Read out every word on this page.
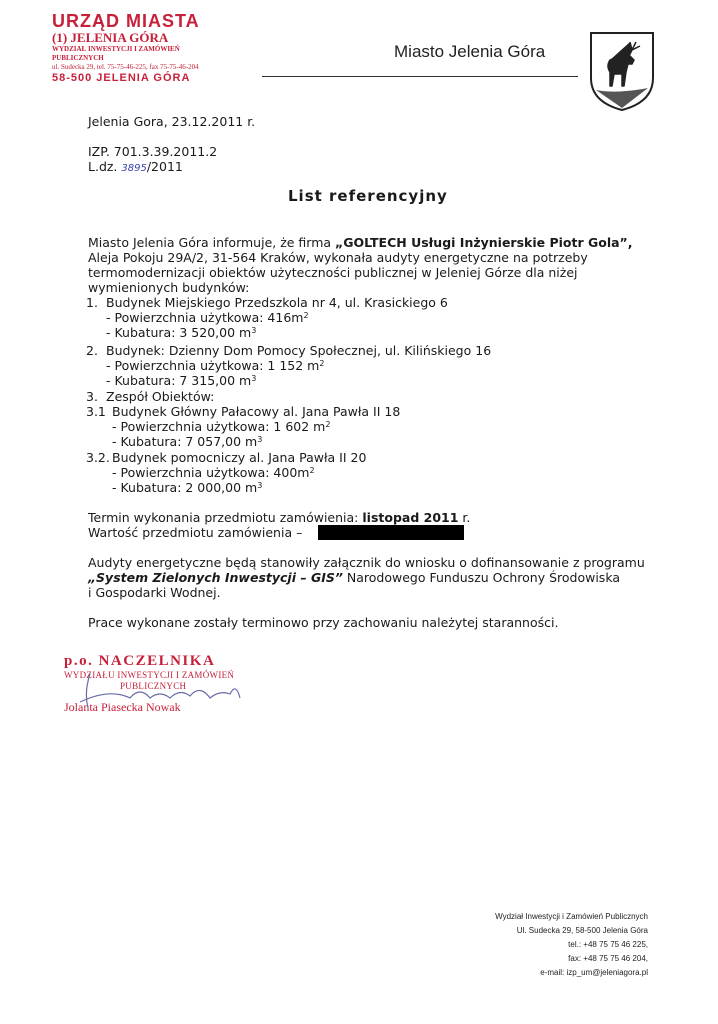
URZĄD MIASTA
(1) JELENIA GÓRA
WYDZIAŁ INWESTYCJI I ZAMÓWIEŃ PUBLICZNYCH
ul. Sudecka 29, tel. 75-75-46-225, fax 75-75-46-204
58-500 JELENIA GÓRA
Miasto Jelenia Góra
Jelenia Gora, 23.12.2011 r.
IZP. 701.3.39.2011.2
L.dz. 3895/2011
List referencyjny
Miasto Jelenia Góra informuje, że firma „GOLTECH Usługi Inżynierskie Piotr Gola”,
Aleja Pokoju 29A/2, 31-564 Kraków, wykonała audyty energetyczne na potrzeby
termomodernizacji obiektów użyteczności publicznej w Jeleniej Górze dla niżej
wymienionych budynków:
1. Budynek Miejskiego Przedszkola nr 4, ul. Krasickiego 6
- Powierzchnia użytkowa: $416m^2$
- Kubatura: 3 520,00 $m^3$
2. Budynek: Dzienny Dom Pomocy Społecznej, ul. Kilińskiego 16
- Powierzchnia użytkowa: 1 152 $m^2$
- Kubatura: 7 315,00 $m^3$
3. Zespół Obiektów:
3.1 Budynek Główny Pałacowy al. Jana Pawła II 18
- Powierzchnia użytkowa: 1 602 $m^2$
- Kubatura: 7 057,00 $m^3$
3.2. Budynek pomocniczy al. Jana Pawła II 20
- Powierzchnia użytkowa: $400m^2$
- Kubatura: 2 000,00 $m^3$
Termin wykonania przedmiotu zamówienia: listopad 2011 r.
Wartość przedmiotu zamówienia –
Audyty energetyczne będą stanowiły załącznik do wniosku o dofinansowanie z programu
„System Zielonych Inwestycji – GIS” Narodowego Funduszu Ochrony Środowiska
i Gospodarki Wodnej.
Prace wykonane zostały terminowo przy zachowaniu należytej staranności.
p.o. NACZELNIKA
WYDZIAŁU INWESTYCJI I ZAMÓWIEŃ
PUBLICZNYCH
Jolanta Piasecka Nowak
Wydział Inwestycji i Zamówień Publicznych
Ul. Sudecka 29, 58-500 Jelenia Góra
tel.: +48 75 75 46 225,
fax: +48 75 75 46 204,
e-mail: izp_um@jeleniagora.pl
